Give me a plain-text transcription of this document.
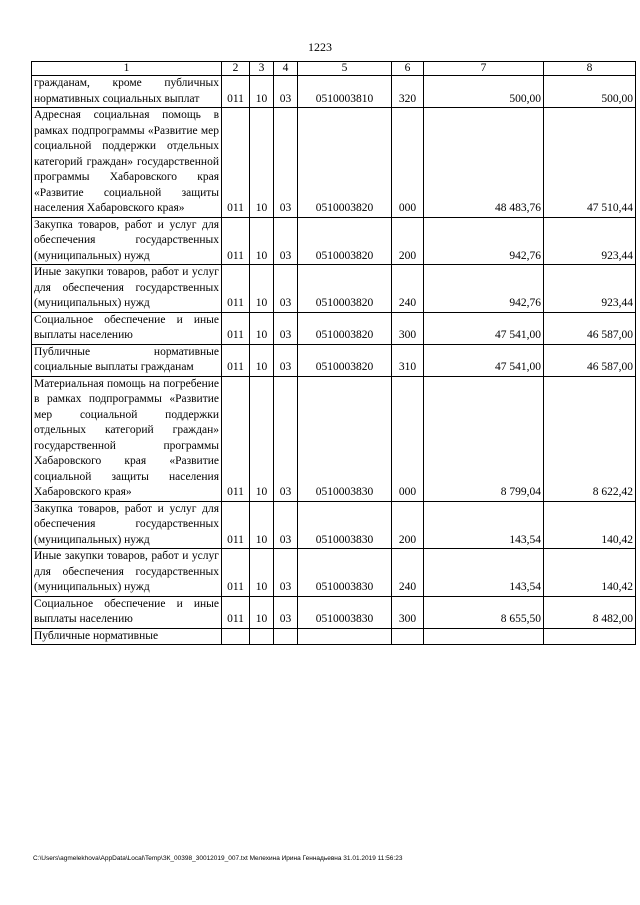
1223
1	2	3	4	5	6	7	8
гражданам, кроме публичных нормативных социальных выплат	011	10	03	0510003810	320	500,00	500,00
Адресная социальная помощь в рамках подпрограммы «Развитие мер социальной поддержки отдельных категорий граждан» государственной программы Хабаровского края «Развитие социальной защиты населения Хабаровского края»	011	10	03	0510003820	000	48 483,76	47 510,44
Закупка товаров, работ и услуг для обеспечения государственных (муниципальных) нужд	011	10	03	0510003820	200	942,76	923,44
Иные закупки товаров, работ и услуг для обеспечения государственных (муниципальных) нужд	011	10	03	0510003820	240	942,76	923,44
Социальное обеспечение и иные выплаты населению	011	10	03	0510003820	300	47 541,00	46 587,00
Публичные нормативные социальные выплаты гражданам	011	10	03	0510003820	310	47 541,00	46 587,00
Материальная помощь на погребение в рамках подпрограммы «Развитие мер социальной поддержки отдельных категорий граждан» государственной программы Хабаровского края «Развитие социальной защиты населения Хабаровского края»	011	10	03	0510003830	000	8 799,04	8 622,42
Закупка товаров, работ и услуг для обеспечения государственных (муниципальных) нужд	011	10	03	0510003830	200	143,54	140,42
Иные закупки товаров, работ и услуг для обеспечения государственных (муниципальных) нужд	011	10	03	0510003830	240	143,54	140,42
Социальное обеспечение и иные выплаты населению	011	10	03	0510003830	300	8 655,50	8 482,00
Публичные нормативные							
C:\Users\agmelekhova\AppData\Local\Temp\ЗК_00398_30012019_007.txt Мелехина Ирина Геннадьевна 31.01.2019 11:56:23
